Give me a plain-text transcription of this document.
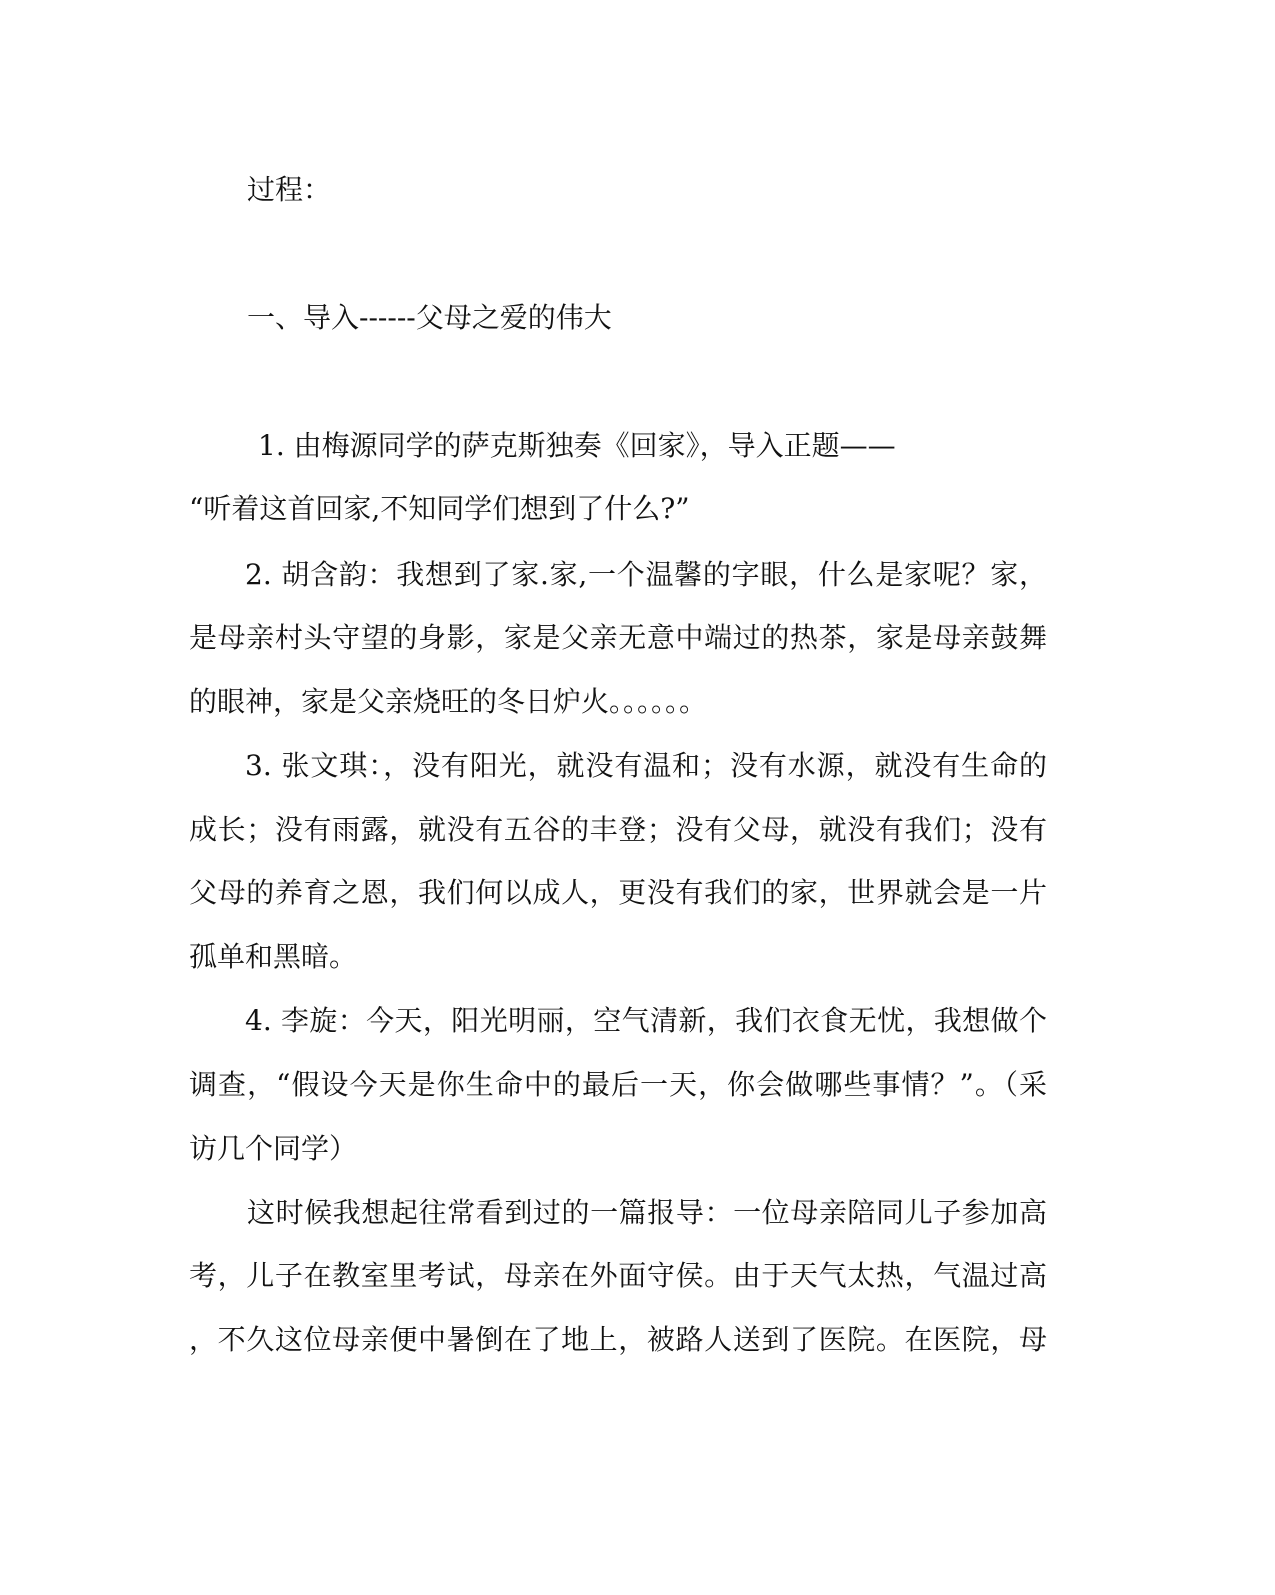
过程：
一、导入------父母之爱的伟大
1. 由梅源同学的萨克斯独奏《回家》，导入正题——
“听着这首回家,不知同学们想到了什么?”
2. 胡含韵：我想到了家.家,一个温馨的字眼，什么是家呢？家，
是母亲村头守望的身影，家是父亲无意中端过的热茶，家是母亲鼓舞
的眼神，家是父亲烧旺的冬日炉火。。。。。。
3. 张文琪：，没有阳光，就没有温和；没有水源，就没有生命的
成长；没有雨露，就没有五谷的丰登；没有父母，就没有我们；没有
父母的养育之恩，我们何以成人，更没有我们的家，世界就会是一片
孤单和黑暗。
4. 李旋：今天，阳光明丽，空气清新，我们衣食无忧，我想做个
调查，“假设今天是你生命中的最后一天，你会做哪些事情？”。（采
访几个同学）
这时候我想起往常看到过的一篇报导：一位母亲陪同儿子参加高
考，儿子在教室里考试，母亲在外面守侯。由于天气太热，气温过高
，不久这位母亲便中暑倒在了地上，被路人送到了医院。在医院，母
